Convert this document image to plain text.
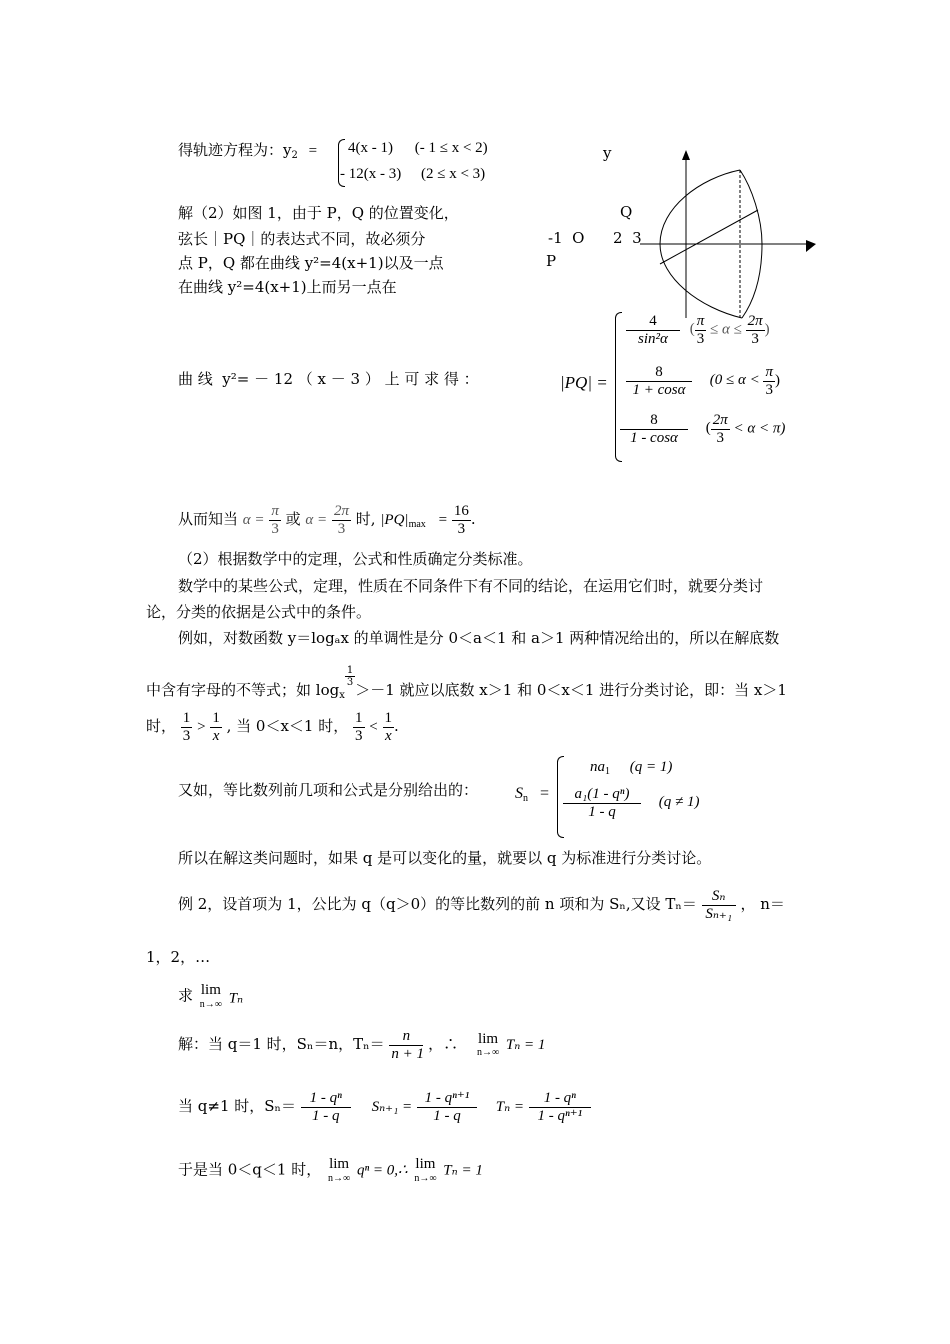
得轨迹方程为：$y_2 = 4(x - 1)$ (- 1 ≤ x < 2)
- 12(x - 3) (2 ≤ x < 3)
y
Q
-1  O      2  3
P
解（2）如图 1，由于 P，Q 的位置变化，
弦长｜PQ｜的表达式不同，故必须分
点 P，Q 都在曲线 y²=4(x+1)以及一点
在曲线 y²=4(x+1)上而另一点在
曲 线  y²= － 12 （ x － 3 ） 上 可 求 得 ：	|PQ| =
$\frac{4}{\text{sin²α}}$ ( $\frac{\pi}{3} \le \alpha \le \frac{2\pi}{3}$ )
$\frac{8}{1 + \cos\alpha} (0 \le \alpha < \frac{\pi}{3}$ )
$\frac{8}{1 - \cos\alpha}$ ( $\frac{2\pi}{3} < \alpha < \pi$)
从而知当 $\alpha = \frac{\pi}{3}$ 或 $\alpha = \frac{2\pi}{3}$ 时, $|PQ|_{max} = \frac{16}{3}$ .
（2）根据数学中的定理，公式和性质确定分类标准。
数学中的某些公式，定理，性质在不同条件下有不同的结论，在运用它们时，就要分类讨
论，分类的依据是公式中的条件。
例如，对数函数 y＝logₐx 的单调性是分 0＜a＜1 和 a＞1 两种情况给出的，所以在解底数
中含有字母的不等式；如 $\log_x$
$\frac{1}{3}$
＞－1 就应以底数 x＞1 和 0＜x＜1 进行分类讨论，即：当 x＞1
时， $\frac{1}{3} > \frac{1}{x}$ , 当 0＜x＜1 时， $\frac{1}{3} < \frac{1}{x}$ .
又如，等比数列前几项和公式是分别给出的： $S_n$ =
$na_1$ (q = 1)
$\frac{\text{a₁(1 - qⁿ)}}{1 - q} (q \ne 1)$
所以在解这类问题时，如果 q 是可以变化的量，就要以 q 为标准进行分类讨论。
例 2，设首项为 1，公比为 q（q＞0）的等比数列的前 n 项和为 Sₙ,又设 $T_n= \frac{\text{Sₙ}}{\text{Sₙ₊₁}}$ ， n＝
1，2，…
求 lim
n→∞ Tₙ
解：当 q＝1 时，Sₙ＝n，$T_n= \frac{n}{n + 1}$ ，∴ lim
n→∞ Tₙ = 1
当 q≠1 时，$S_n= \frac{\text{1 - qⁿ}}{1 - q} S_{n+1} = \frac{\text{1 - qⁿ⁺¹}}{1 - q}$ $T_n = \frac{\text{1 - qⁿ}}{\text{1 - qⁿ⁺¹}}$
于是当 0＜q＜1 时， lim
n→∞ qⁿ = 0,∴ lim
n→∞ Tₙ = 1
